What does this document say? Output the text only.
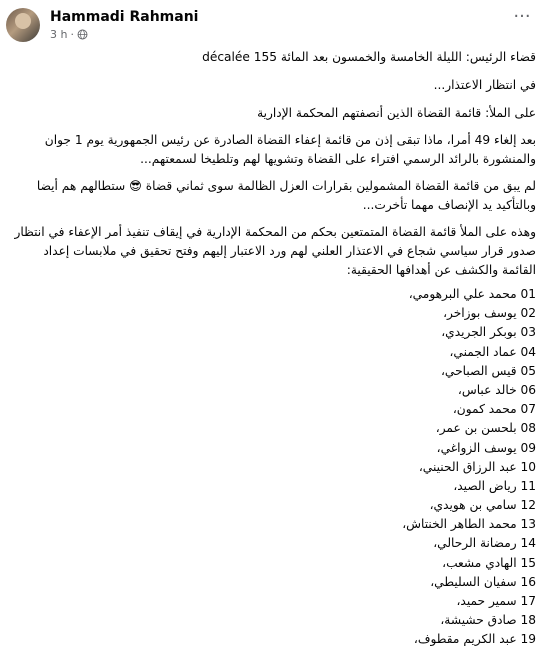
Hammadi Rahmani
3 h ·
···

قضاء الرئيس: الليلة الخامسة والخمسون بعد المائة 155 décalée

في انتظار الاعتذار...

على الملأ: قائمة القضاة الذين أنصفتهم المحكمة الإدارية

بعد إلغاء 49 أمرا، ماذا تبقى إذن من قائمة إعفاء القضاة الصادرة عن رئيس الجمهورية يوم 1 جوان والمنشورة بالرائد الرسمي افتراء على القضاة وتشويها لهم وتلطيخا لسمعتهم...

لم يبق من قائمة القضاة المشمولين بقرارات العزل الظالمة سوى ثماني قضاة 😎 ستطالهم هم أيضا وبالتأكيد يد الإنصاف مهما تأخرت...

وهذه على الملأ قائمة القضاة المتمتعين بحكم من المحكمة الإدارية في إيقاف تنفيذ أمر الإعفاء في انتظار صدور قرار سياسي شجاع في الاعتذار العلني لهم ورد الاعتبار إليهم وفتح تحقيق في ملابسات إعداد القائمة والكشف عن أهدافها الحقيقية:

01 محمد علي البرهومي،
02 يوسف بوزاخر،
03 بوبكر الجريدي،
04 عماد الجمني،
05 قيس الصباحي،
06 خالد عباس،
07 محمد كمون،
08 بلحسن بن عمر،
09 يوسف الزواغي،
10 عبد الرزاق الحنيني،
11 رياض الصيد،
12 سامي بن هويدي،
13 محمد الطاهر الخنتاش،
14 رمضانة الرحالي،
15 الهادي مشعب،
16 سفيان السليطي،
17 سمير حميد،
18 صادق حشيشة،
19 عبد الكريم مقطوف،
